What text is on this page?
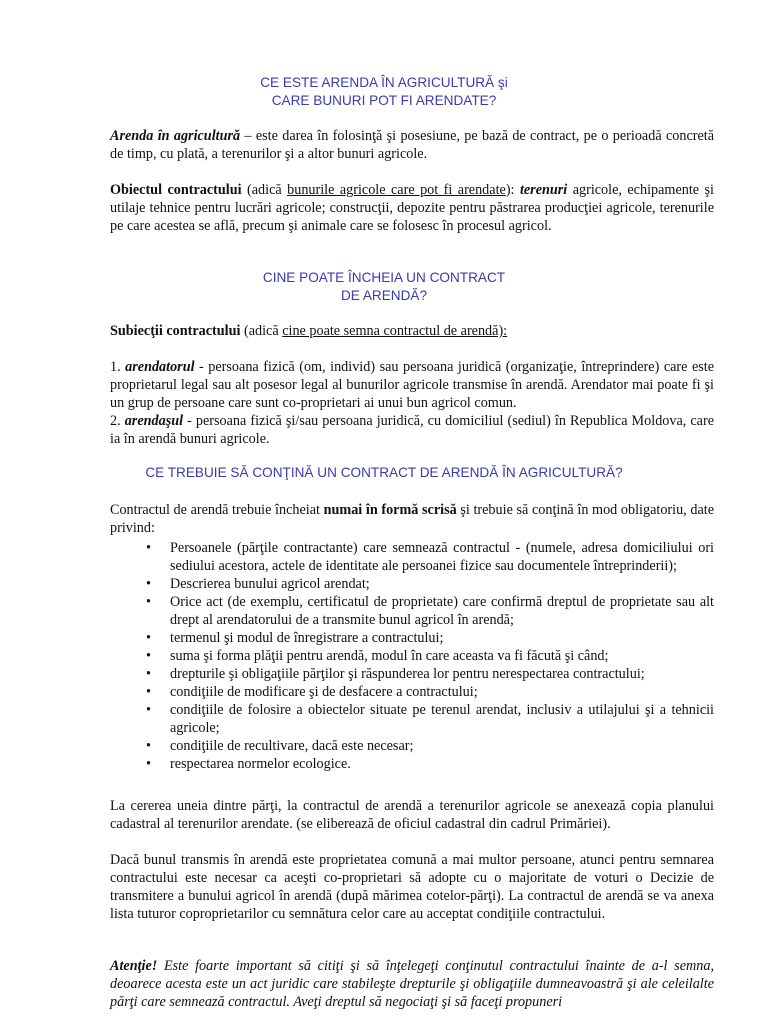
CE ESTE ARENDA ÎN AGRICULTURĂ şi
CARE BUNURI POT FI ARENDATE?

Arenda în agricultură – este darea în folosinţă şi posesiune, pe bază de contract, pe o perioadă concretă de timp, cu plată, a terenurilor şi a altor bunuri agricole.

Obiectul contractului (adică bunurile agricole care pot fi arendate): terenuri agricole, echipamente şi utilaje tehnice pentru lucrări agricole; construcţii, depozite pentru păstrarea producţiei agricole, terenurile pe care acestea se află, precum şi animale care se folosesc în procesul agricol.

CINE POATE ÎNCHEIA UN CONTRACT
DE ARENDĂ?

Subiecţii contractului (adică cine poate semna contractul de arendă):

1. arendatorul - persoana fizică (om, individ) sau persoana juridică (organizaţie, întreprindere) care este proprietarul legal sau alt posesor legal al bunurilor agricole transmise în arendă. Arendator mai poate fi şi un grup de persoane care sunt co-proprietari ai unui bun agricol comun.
2. arendaşul - persoana fizică şi/sau persoana juridică, cu domiciliul (sediul) în Republica Moldova, care ia în arendă bunuri agricole.

CE TREBUIE SĂ CONŢINĂ UN CONTRACT DE ARENDĂ ÎN AGRICULTURĂ?

Contractul de arendă trebuie încheiat numai în formă scrisă şi trebuie să conţină în mod obligatoriu, date privind:

• Persoanele (părţile contractante) care semnează contractul - (numele, adresa domiciliului ori sediului acestora, actele de identitate ale persoanei fizice sau documentele întreprinderii);
• Descrierea bunului agricol arendat;
• Orice act (de exemplu, certificatul de proprietate) care confirmă dreptul de proprietate sau alt drept al arendatorului de a transmite bunul agricol în arendă;
• termenul şi modul de înregistrare a contractului;
• suma şi forma plăţii pentru arendă, modul în care aceasta va fi făcută şi când;
• drepturile şi obligaţiile părţilor şi răspunderea lor pentru nerespectarea contractului;
• condiţiile de modificare şi de desfacere a contractului;
• condiţiile de folosire a obiectelor situate pe terenul arendat, inclusiv a utilajului şi a tehnicii agricole;
• condiţiile de recultivare, dacă este necesar;
• respectarea normelor ecologice.

La cererea uneia dintre părţi, la contractul de arendă a terenurilor agricole se anexează copia planului cadastral al terenurilor arendate. (se eliberează de oficiul cadastral din cadrul Primăriei).

Dacă bunul transmis în arendă este proprietatea comună a mai multor persoane, atunci pentru semnarea contractului este necesar ca aceşti co-proprietari să adopte cu o majoritate de voturi o Decizie de transmitere a bunului agricol în arendă (după mărimea cotelor-părţi). La contractul de arendă se va anexa lista tuturor coproprietarilor cu semnătura celor care au acceptat condiţiile contractului.

Atenţie! Este foarte important să citiţi şi să înţelegeţi conţinutul contractului înainte de a-l semna, deoarece acesta este un act juridic care stabileşte drepturile şi obligaţiile dumneavoastră şi ale celeilalte părţi care semnează contractul. Aveţi dreptul să negociaţi şi să faceţi propuneri
